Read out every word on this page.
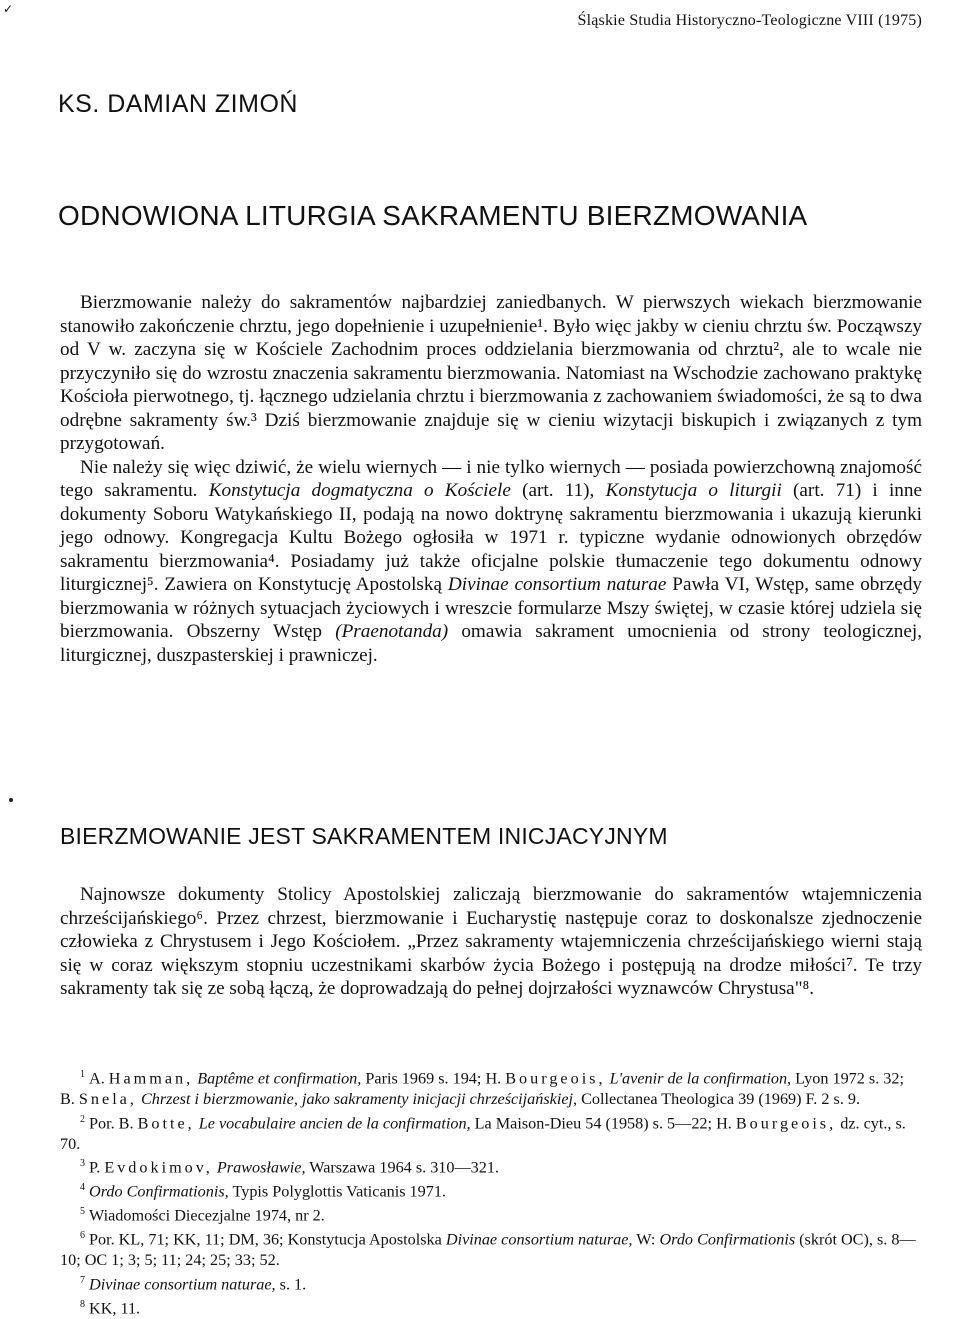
✓
Śląskie Studia Historyczno-Teologiczne VIII (1975)
KS. DAMIAN ZIMOŃ
ODNOWIONA LITURGIA SAKRAMENTU BIERZMOWANIA

Bierzmowanie należy do sakramentów najbardziej zaniedbanych. W pierwszych wiekach bierzmowanie stanowiło zakończenie chrztu, jego dopełnienie i uzupełnienie¹. Było więc jakby w cieniu chrztu św. Począwszy od V w. zaczyna się w Kościele Zachodnim proces oddzielania bierzmowania od chrztu², ale to wcale nie przyczyniło się do wzrostu znaczenia sakramentu bierzmowania. Natomiast na Wschodzie zachowano praktykę Kościoła pierwotnego, tj. łącznego udzielania chrztu i bierzmowania z zachowaniem świadomości, że są to dwa odrębne sakramenty św.³ Dziś bierzmowanie znajduje się w cieniu wizytacji biskupich i związanych z tym przygotowań.

Nie należy się więc dziwić, że wielu wiernych — i nie tylko wiernych — posiada powierzchowną znajomość tego sakramentu. Konstytucja dogmatyczna o Kościele (art. 11), Konstytucja o liturgii (art. 71) i inne dokumenty Soboru Watykańskiego II, podają na nowo doktrynę sakramentu bierzmowania i ukazują kierunki jego odnowy. Kongregacja Kultu Bożego ogłosiła w 1971 r. typiczne wydanie odnowionych obrzędów sakramentu bierzmowania⁴. Posiadamy już także oficjalne polskie tłumaczenie tego dokumentu odnowy liturgicznej⁵. Zawiera on Konstytucję Apostolską Divinae consortium naturae Pawła VI, Wstęp, same obrzędy bierzmowania w różnych sytuacjach życiowych i wreszcie formularze Mszy świętej, w czasie której udziela się bierzmowania. Obszerny Wstęp (Praenotanda) omawia sakrament umocnienia od strony teologicznej, liturgicznej, duszpasterskiej i prawniczej.

BIERZMOWANIE JEST SAKRAMENTEM INICJACYJNYM

Najnowsze dokumenty Stolicy Apostolskiej zaliczają bierzmowanie do sakramentów wtajemniczenia chrześcijańskiego⁶. Przez chrzest, bierzmowanie i Eucharystię następuje coraz to doskonalsze zjednoczenie człowieka z Chrystusem i Jego Kościołem. „Przez sakramenty wtajemniczenia chrześcijańskiego wierni stają się w coraz większym stopniu uczestnikami skarbów życia Bożego i postępują na drodze miłości⁷. Te trzy sakramenty tak się ze sobą łączą, że doprowadzają do pełnej dojrzałości wyznawców Chrystusa"⁸.

$^1$ A. Hamman, Baptême et confirmation, Paris 1969 s. 194; H. Bourgeois, L'avenir de la confirmation, Lyon 1972 s. 32; B. Snela, Chrzest i bierzmowanie, jako sakramenty inicjacji chrześcijańskiej, Collectanea Theologica 39 (1969) F. 2 s. 9.

$^2$ Por. B. Botte, Le vocabulaire ancien de la confirmation, La Maison-Dieu 54 (1958) s. 5—22; H. Bourgeois, dz. cyt., s. 70.

$^3$ P. Evdokimov, Prawosławie, Warszawa 1964 s. 310—321.

$^4$ Ordo Confirmationis, Typis Polyglottis Vaticanis 1971.

$^5$ Wiadomości Diecezjalne 1974, nr 2.

$^6$ Por. KL, 71; KK, 11; DM, 36; Konstytucja Apostolska Divinae consortium naturae, W: Ordo Confirmationis (skrót OC), s. 8—10; OC 1; 3; 5; 11; 24; 25; 33; 52.

$^7$ Divinae consortium naturae, s. 1.

$^8$ KK, 11.
